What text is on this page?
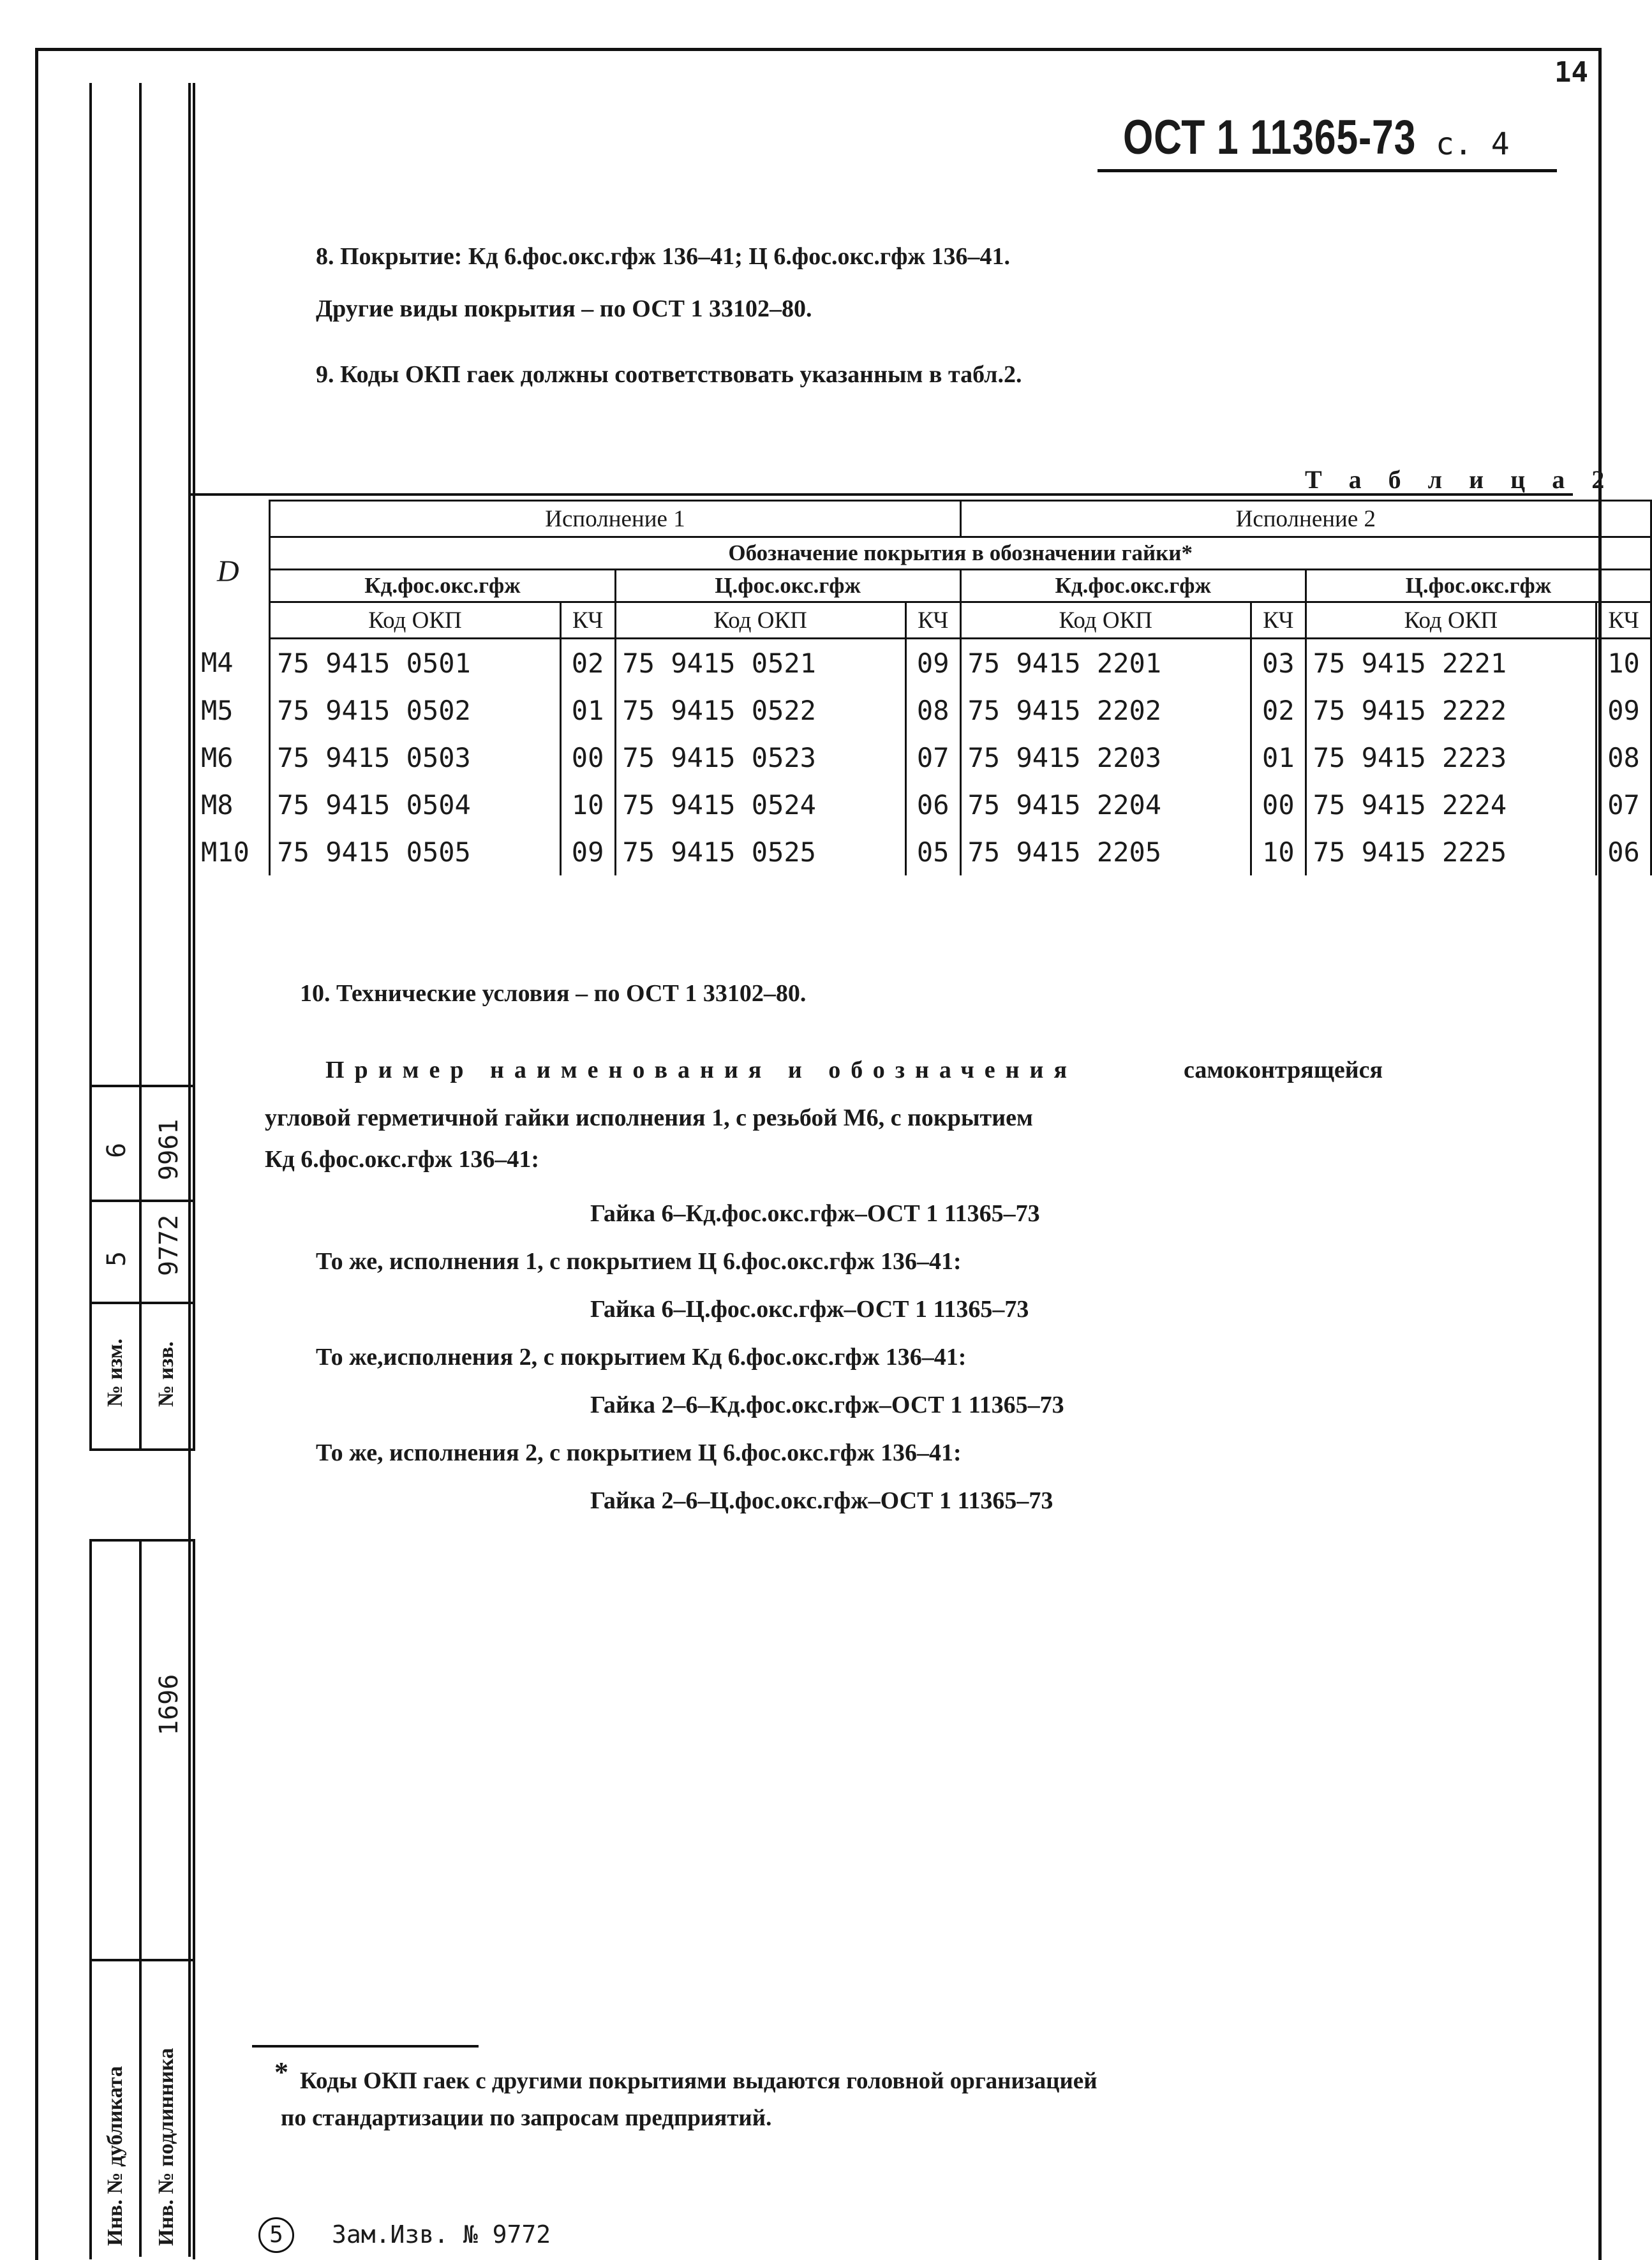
14
ОСТ 1 11365-73 с. 4
6 9961
5 9772
№ изм. № изв.
1696
Инв. № дубликата Инв. № подлинника
8. Покрытие: Кд 6.фос.окс.гфж 136–41; Ц 6.фос.окс.гфж 136–41.
Другие виды покрытия – по ОСТ 1 33102–80.
9. Коды ОКП гаек должны соответствовать указанным в табл.2.
Т а б л и ц а 2
D
	Исполнение 1				Исполнение 2			
	Обозначение покрытия в обозначении гайки*							
	Кд.фос.окс.гфж		Ц.фос.окс.гфж		Кд.фос.окс.гфж		Ц.фос.окс.гфж	
	Код ОКП	КЧ	Код ОКП	КЧ	Код ОКП	КЧ	Код ОКП	КЧ
М4	75 9415 0501	02	75 9415 0521	09	75 9415 2201	03	75 9415 2221	10
М5	75 9415 0502	01	75 9415 0522	08	75 9415 2202	02	75 9415 2222	09
М6	75 9415 0503	00	75 9415 0523	07	75 9415 2203	01	75 9415 2223	08
М8	75 9415 0504	10	75 9415 0524	06	75 9415 2204	00	75 9415 2224	07
М10	75 9415 0505	09	75 9415 0525	05	75 9415 2205	10	75 9415 2225	06
10. Технические условия – по ОСТ 1 33102–80.
Пример наименования и обозначения	самоконтрящейся
угловой герметичной гайки исполнения 1, с резьбой М6, с покрытием
Кд 6.фос.окс.гфж 136–41:
Гайка 6–Кд.фос.окс.гфж–ОСТ 1 11365–73
То же, исполнения 1, с покрытием Ц 6.фос.окс.гфж 136–41:
Гайка 6–Ц.фос.окс.гфж–ОСТ 1 11365–73
То же,исполнения 2, с покрытием Кд 6.фос.окс.гфж 136–41:
Гайка 2–6–Кд.фос.окс.гфж–ОСТ 1 11365–73
То же, исполнения 2, с покрытием Ц 6.фос.окс.гфж 136–41:
Гайка 2–6–Ц.фос.окс.гфж–ОСТ 1 11365–73
* Коды ОКП гаек с другими покрытиями выдаются головной организацией
по стандартизации по запросам предприятий.
5	Зам.Изв. № 9772
